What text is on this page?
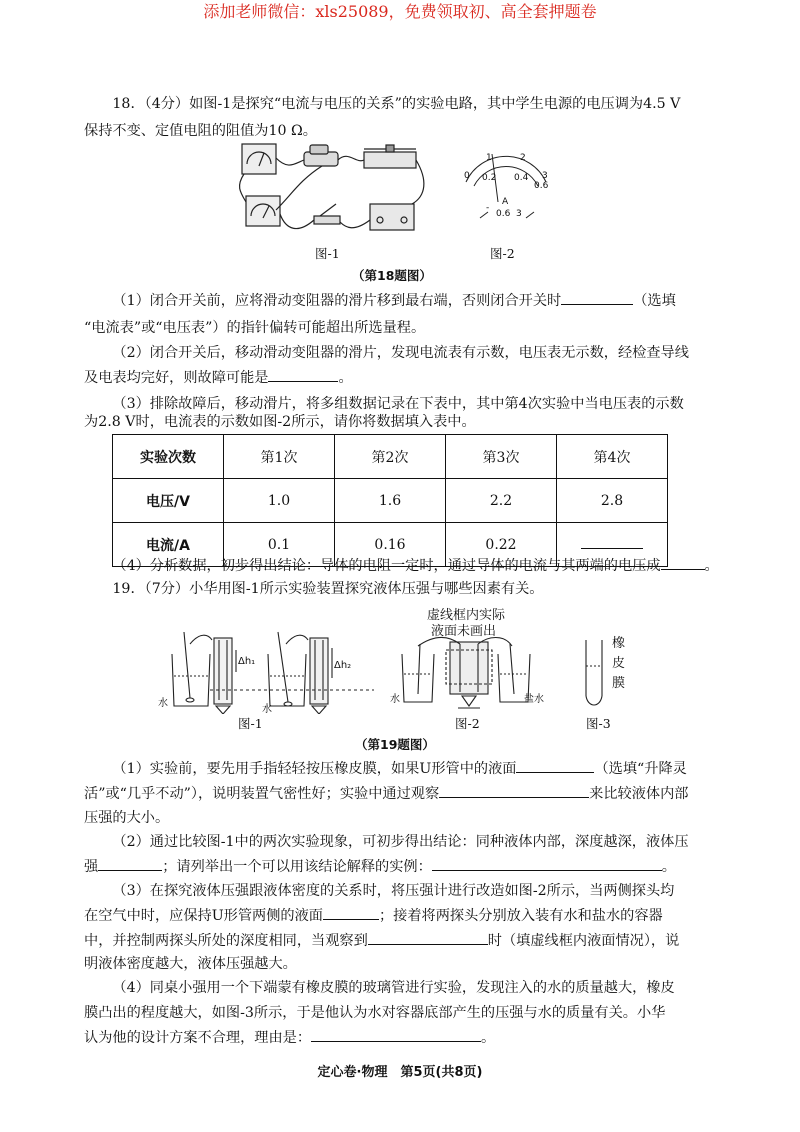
添加老师微信：xls25089，免费领取初、高全套押题卷
18．（4分）如图-1是探究“电流与电压的关系”的实验电路，其中学生电源的电压调为4.5 V
保持不变、定值电阻的阻值为10 Ω。
图-1
0
1	2
3
0.2 0.4
0.6
A
-
0.6 3
图-2
（第18题图）
（1）闭合开关前，应将滑动变阻器的滑片移到最右端，否则闭合开关时	（选填
“电流表”或“电压表”）的指针偏转可能超出所选量程。
（2）闭合开关后，移动滑动变阻器的滑片，发现电流表有示数，电压表无示数，经检查导线
及电表均完好，则故障可能是	。
（3）排除故障后，移动滑片，将多组数据记录在下表中，其中第4次实验中当电压表的示数
为2.8 V时，电流表的示数如图-2所示，请你将数据填入表中。
实验次数	第1次	第2次	第3次	第4次
电压/V	1.0	1.6	2.2	2.8
电流/A	0.1	0.16	0.22	
（4）分析数据，初步得出结论：导体的电阻一定时，通过导体的电流与其两端的电压成	。
19．（7分）小华用图-1所示实验装置探究液体压强与哪些因素有关。
Δh₁	Δh₂
水
水
图-1
虚线框内实际
液面未画出
水	盐水
图-2
橡
皮
膜
图-3
（第19题图）
（1）实验前，要先用手指轻轻按压橡皮膜，如果U形管中的液面	（选填“升降灵
活”或“几乎不动”），说明装置气密性好；实验中通过观察	来比较液体内部
压强的大小。
（2）通过比较图-1中的两次实验现象，可初步得出结论：同种液体内部，深度越深，液体压
强	；请列举出一个可以用该结论解释的实例：	。
（3）在探究液体压强跟液体密度的关系时，将压强计进行改造如图-2所示，当两侧探头均
在空气中时，应保持U形管两侧的液面	；接着将两探头分别放入装有水和盐水的容器
中，并控制两探头所处的深度相同，当观察到	时（填虚线框内液面情况），说
明液体密度越大，液体压强越大。
（4）同桌小强用一个下端蒙有橡皮膜的玻璃管进行实验，发现注入的水的质量越大，橡皮
膜凸出的程度越大，如图-3所示，于是他认为水对容器底部产生的压强与水的质量有关。小华
认为他的设计方案不合理，理由是：	。
定心卷·物理　第5页(共8页)
